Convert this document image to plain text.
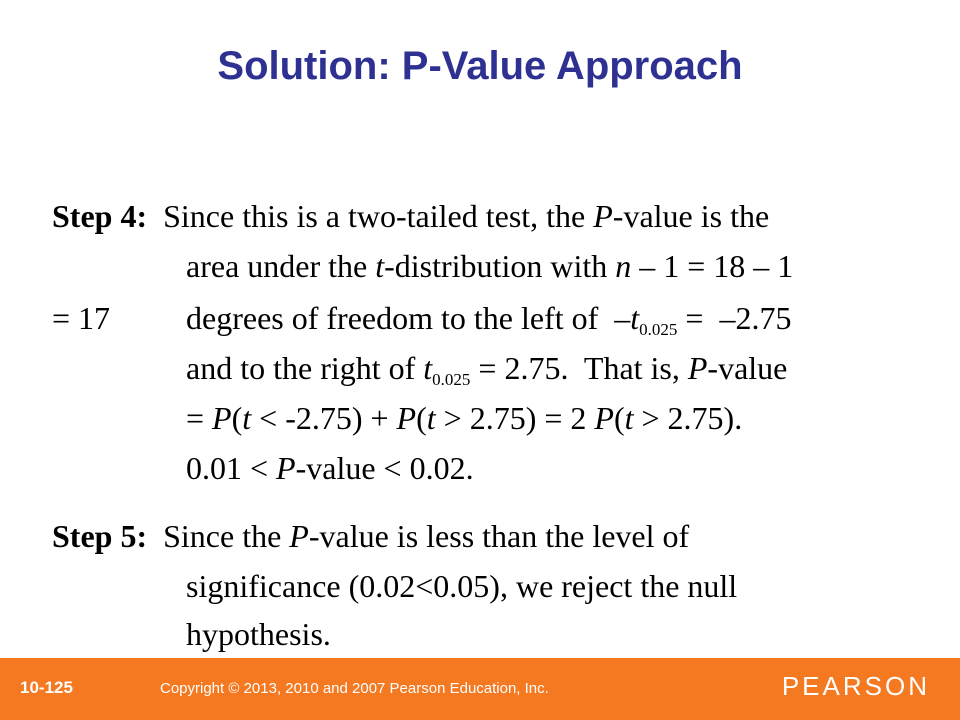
Solution: P-Value Approach
Step 4:  Since this is a two-tailed test, the P-value is the
area under the t-distribution with n – 1 = 18 – 1
= 17 degrees of freedom to the left of  $-t_{0.025} = -2.75$
and to the right of $t_{0.025} = 2.75$.  That is, P-value
= P(t < -2.75) + P(t > 2.75) = 2 P(t > 2.75).
0.01 < P-value < 0.02.
Step 5:  Since the P-value is less than the level of
significance (0.02<0.05), we reject the null
hypothesis.
10-125	Copyright © 2013, 2010 and 2007 Pearson Education, Inc.	PEARSON
